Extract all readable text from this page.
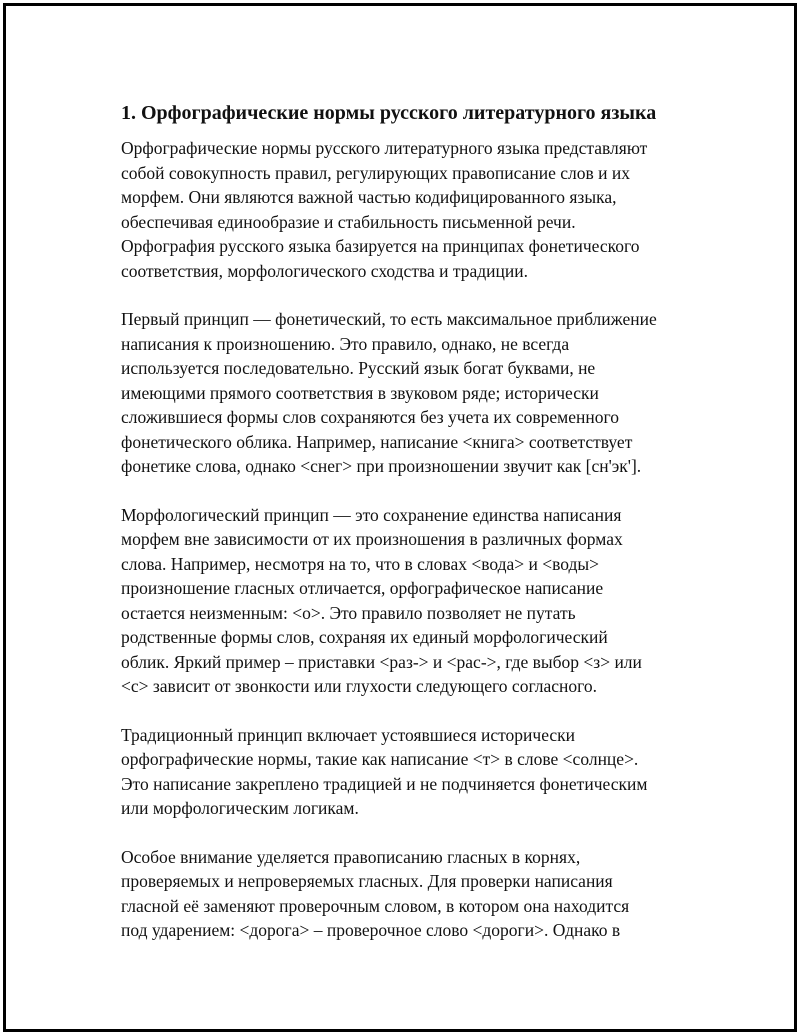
1. Орфографические нормы русского литературного языка

Орфографические нормы русского литературного языка представляют
собой совокупность правил, регулирующих правописание слов и их
морфем. Они являются важной частью кодифицированного языка,
обеспечивая единообразие и стабильность письменной речи.
Орфография русского языка базируется на принципах фонетического
соответствия, морфологического сходства и традиции.

Первый принцип — фонетический, то есть максимальное приближение
написания к произношению. Это правило, однако, не всегда
используется последовательно. Русский язык богат буквами, не
имеющими прямого соответствия в звуковом ряде; исторически
сложившиеся формы слов сохраняются без учета их современного
фонетического облика. Например, написание <книга> соответствует
фонетике слова, однако <снег> при произношении звучит как [сн'эк'].

Морфологический принцип — это сохранение единства написания
морфем вне зависимости от их произношения в различных формах
слова. Например, несмотря на то, что в словах <вода> и <воды>
произношение гласных отличается, орфографическое написание
остается неизменным: <о>. Это правило позволяет не путать
родственные формы слов, сохраняя их единый морфологический
облик. Яркий пример – приставки <раз-> и <рас->, где выбор <з> или
<с> зависит от звонкости или глухости следующего согласного.

Традиционный принцип включает устоявшиеся исторически
орфографические нормы, такие как написание <т> в слове <солнце>.
Это написание закреплено традицией и не подчиняется фонетическим
или морфологическим логикам.

Особое внимание уделяется правописанию гласных в корнях,
проверяемых и непроверяемых гласных. Для проверки написания
гласной её заменяют проверочным словом, в котором она находится
под ударением: <дорога> – проверочное слово <дороги>. Однако в
